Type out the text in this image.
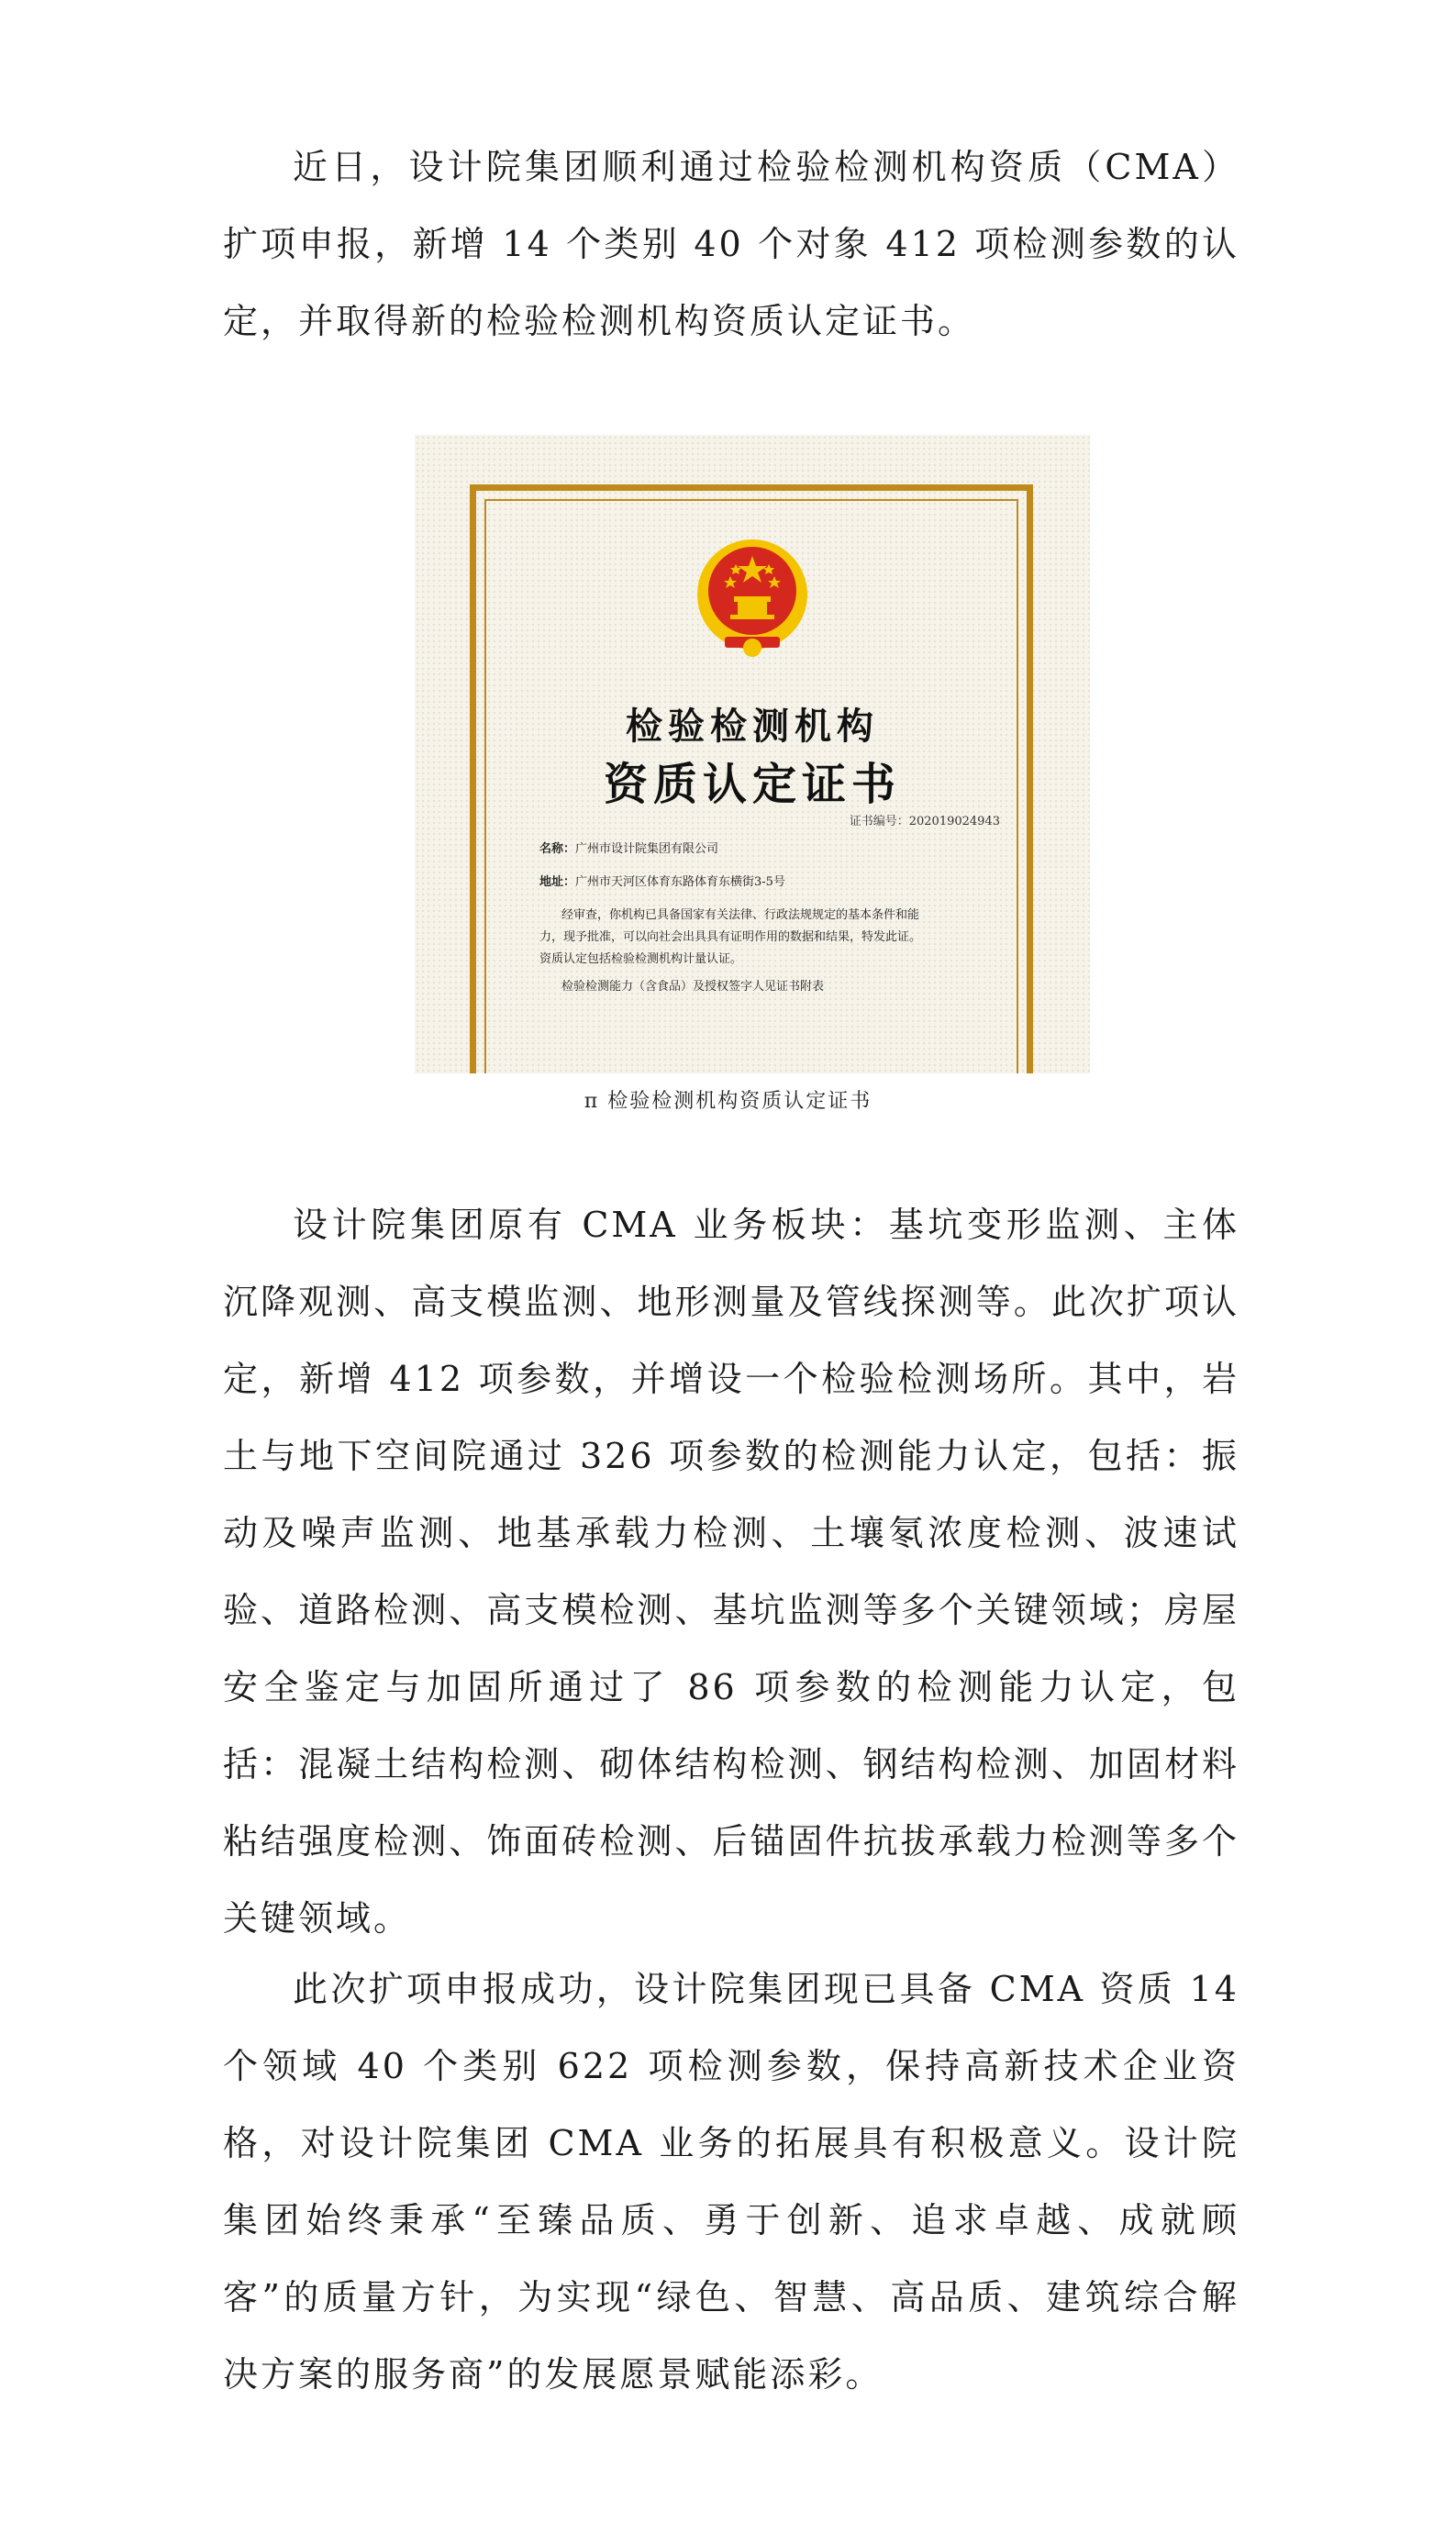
近日，设计院集团顺利通过检验检测机构资质（CMA）扩项申报，新增 14 个类别 40 个对象 412 项检测参数的认定，并取得新的检验检测机构资质认定证书。

检验检测机构
资质认定证书
证书编号：202019024943
名称：广州市设计院集团有限公司
地址：广州市天河区体育东路体育东横街3-5号
经审查，你机构已具备国家有关法律、行政法规规定的基本条件和能
力，现予批准，可以向社会出具具有证明作用的数据和结果，特发此证。
资质认定包括检验检测机构计量认证。
检验检测能力（含食品）及授权签字人见证书附表
π 检验检测机构资质认定证书

设计院集团原有 CMA 业务板块：基坑变形监测、主体沉降观测、高支模监测、地形测量及管线探测等。此次扩项认定，新增 412 项参数，并增设一个检验检测场所。其中，岩土与地下空间院通过 326 项参数的检测能力认定，包括：振动及噪声监测、地基承载力检测、土壤氡浓度检测、波速试验、道路检测、高支模检测、基坑监测等多个关键领域；房屋安全鉴定与加固所通过了 86 项参数的检测能力认定，包括：混凝土结构检测、砌体结构检测、钢结构检测、加固材料粘结强度检测、饰面砖检测、后锚固件抗拔承载力检测等多个关键领域。

此次扩项申报成功，设计院集团现已具备 CMA 资质 14 个领域 40 个类别 622 项检测参数，保持高新技术企业资格，对设计院集团 CMA 业务的拓展具有积极意义。设计院集团始终秉承“至臻品质、勇于创新、追求卓越、成就顾客”的质量方针，为实现“绿色、智慧、高品质、建筑综合解决方案的服务商”的发展愿景赋能添彩。
